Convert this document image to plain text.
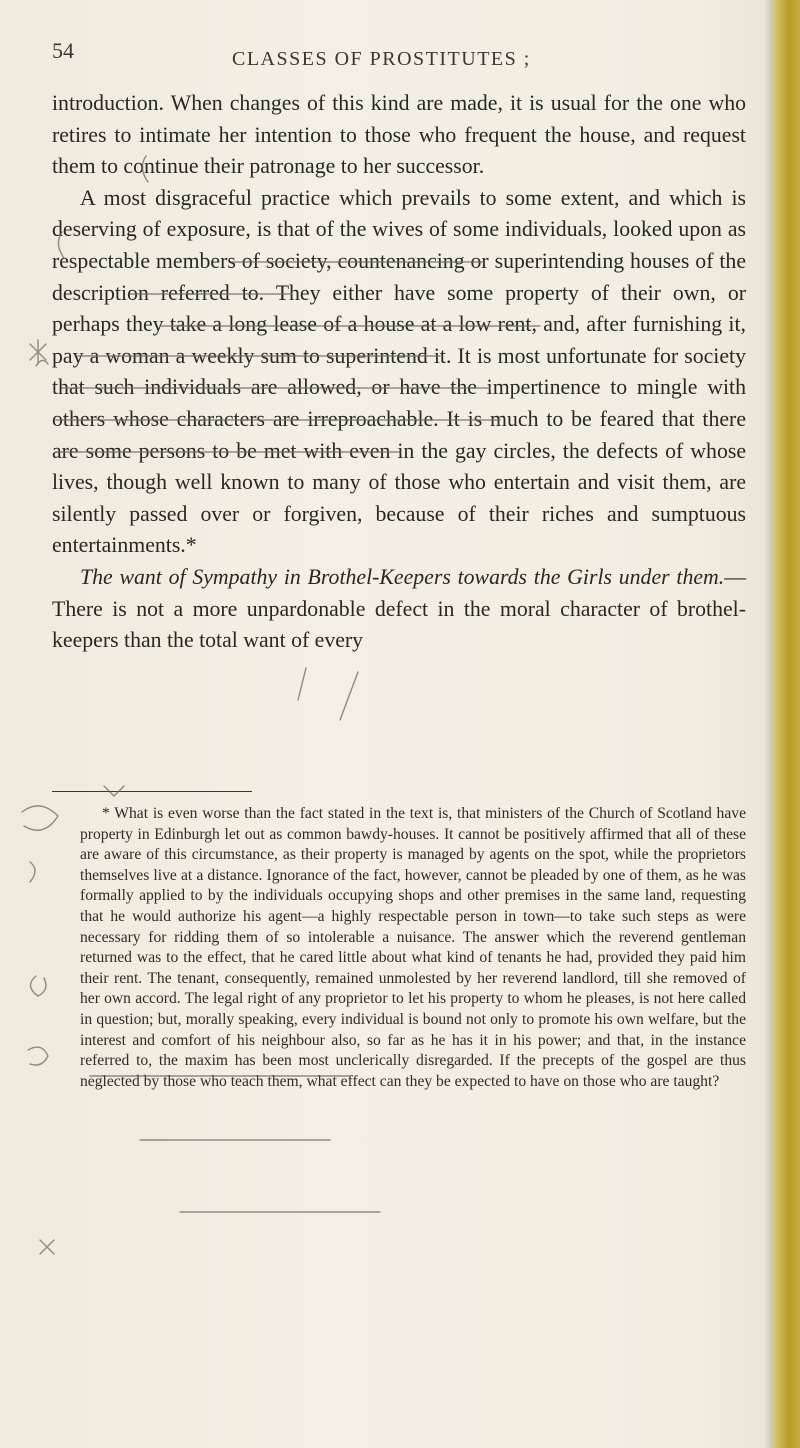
54	CLASSES OF PROSTITUTES ;

introduction. When changes of this kind are made, it is usual for the one who retires to intimate her intention to those who frequent the house, and request them to continue their patronage to her successor.

A most disgraceful practice which prevails to some extent, and which is deserving of exposure, is that of the wives of some individuals, looked upon as respectable members of society, countenancing or superintending houses of the description referred to. They either have some property of their own, or perhaps they take a long lease of a house at a low rent, and, after furnishing it, pay a woman a weekly sum to superintend it. It is most unfortunate for society that such individuals are allowed, or have the impertinence to mingle with others whose characters are irreproachable. It is much to be feared that there are some persons to be met with even in the gay circles, the defects of whose lives, though well known to many of those who entertain and visit them, are silently passed over or forgiven, because of their riches and sumptuous entertainments.*

The want of Sympathy in Brothel-Keepers towards the Girls under them.—There is not a more unpardonable defect in the moral character of brothel-keepers than the total want of every

* What is even worse than the fact stated in the text is, that ministers of the Church of Scotland have property in Edinburgh let out as common bawdy-houses. It cannot be positively affirmed that all of these are aware of this circumstance, as their property is managed by agents on the spot, while the proprietors themselves live at a distance. Ignorance of the fact, however, cannot be pleaded by one of them, as he was formally applied to by the individuals occupying shops and other premises in the same land, requesting that he would authorize his agent—a highly respectable person in town—to take such steps as were necessary for ridding them of so intolerable a nuisance. The answer which the reverend gentleman returned was to the effect, that he cared little about what kind of tenants he had, provided they paid him their rent. The tenant, consequently, remained unmolested by her reverend landlord, till she removed of her own accord. The legal right of any proprietor to let his property to whom he pleases, is not here called in question; but, morally speaking, every individual is bound not only to promote his own welfare, but the interest and comfort of his neighbour also, so far as he has it in his power; and that, in the instance referred to, the maxim has been most unclerically disregarded. If the precepts of the gospel are thus neglected by those who teach them, what effect can they be expected to have on those who are taught?
